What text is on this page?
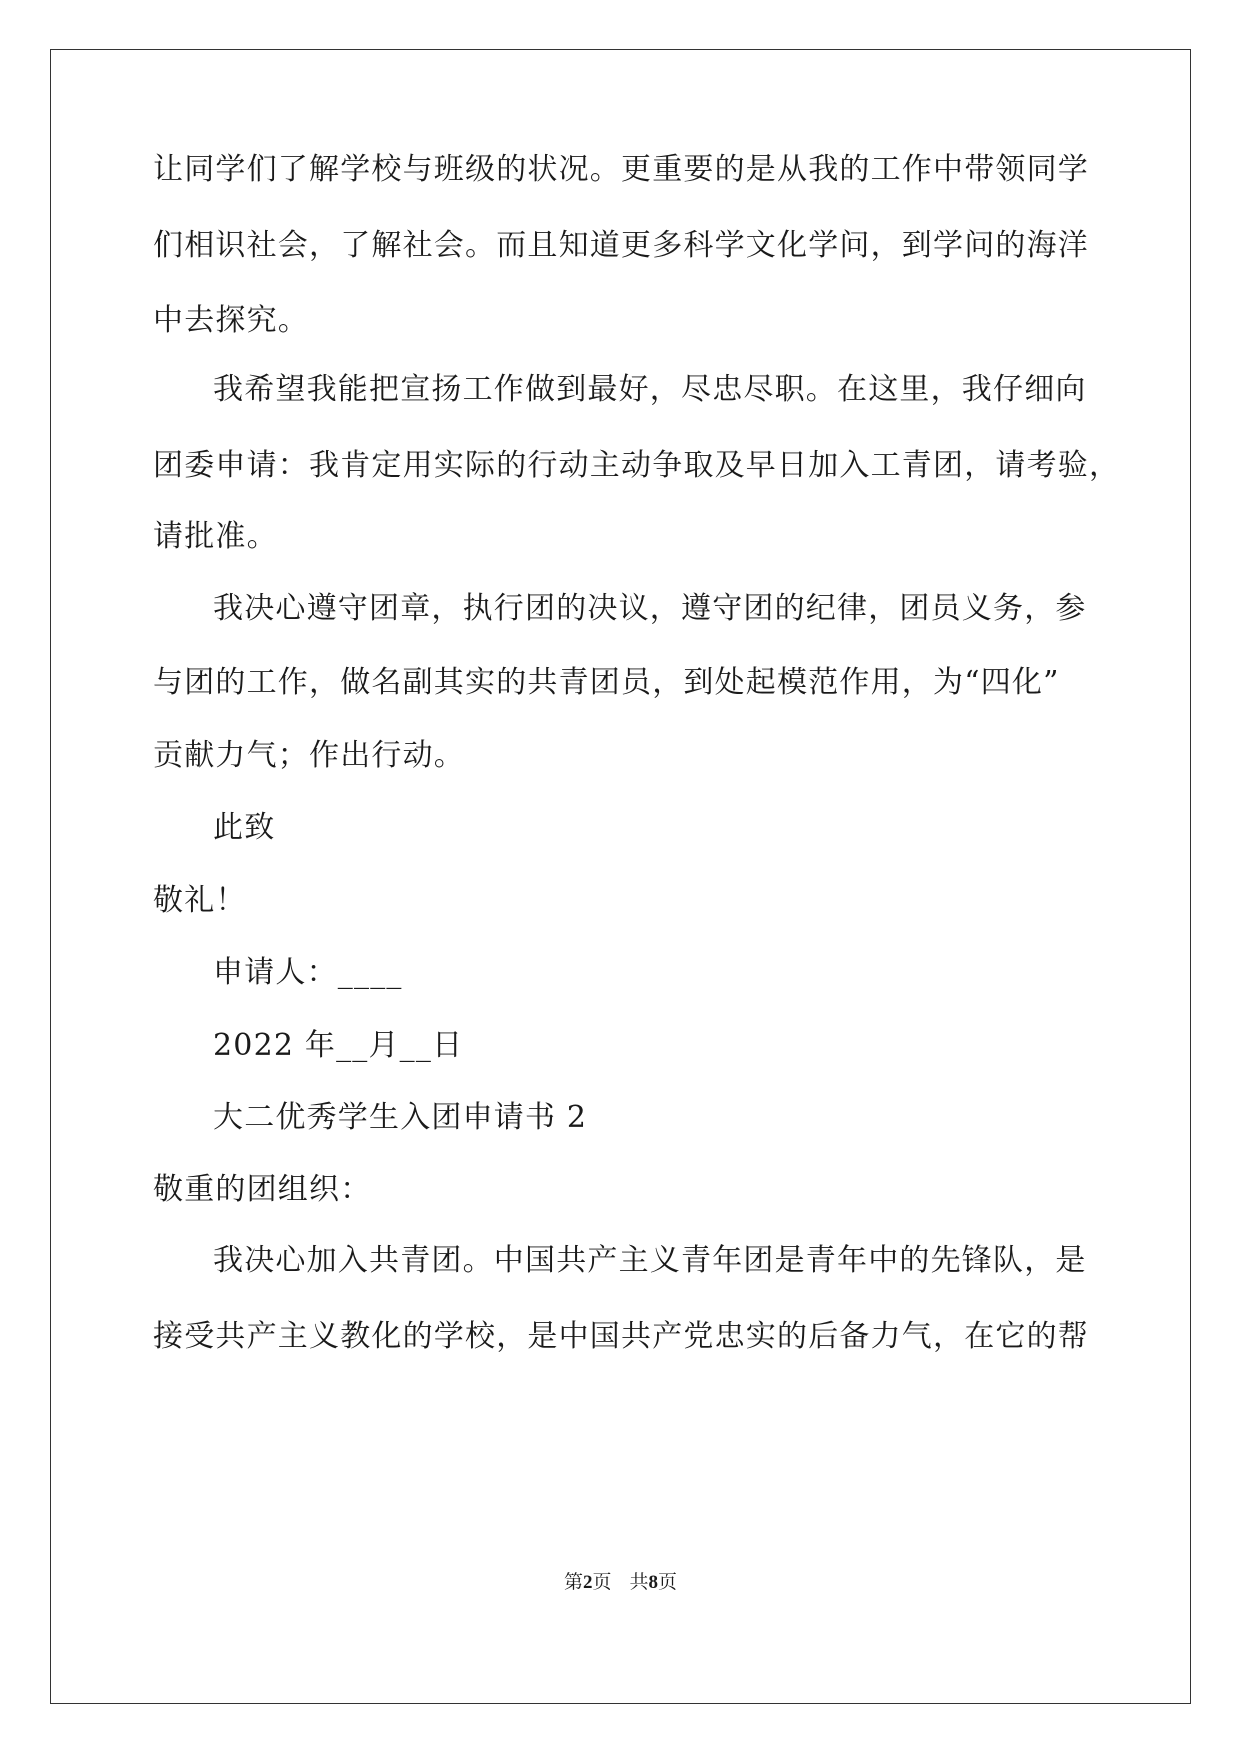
让同学们了解学校与班级的状况。更重要的是从我的工作中带领同学
们相识社会，了解社会。而且知道更多科学文化学问，到学问的海洋
中去探究。
我希望我能把宣扬工作做到最好，尽忠尽职。在这里，我仔细向
团委申请：我肯定用实际的行动主动争取及早日加入工青团，请考验，
请批准。
我决心遵守团章，执行团的决议，遵守团的纪律，团员义务，参
与团的工作，做名副其实的共青团员，到处起模范作用，为“四化”
贡献力气；作出行动。
此致
敬礼！
申请人：____
2022 年__月__日
大二优秀学生入团申请书 2
敬重的团组织：
我决心加入共青团。中国共产主义青年团是青年中的先锋队，是
接受共产主义教化的学校，是中国共产党忠实的后备力气，在它的帮
第2页 共8页
